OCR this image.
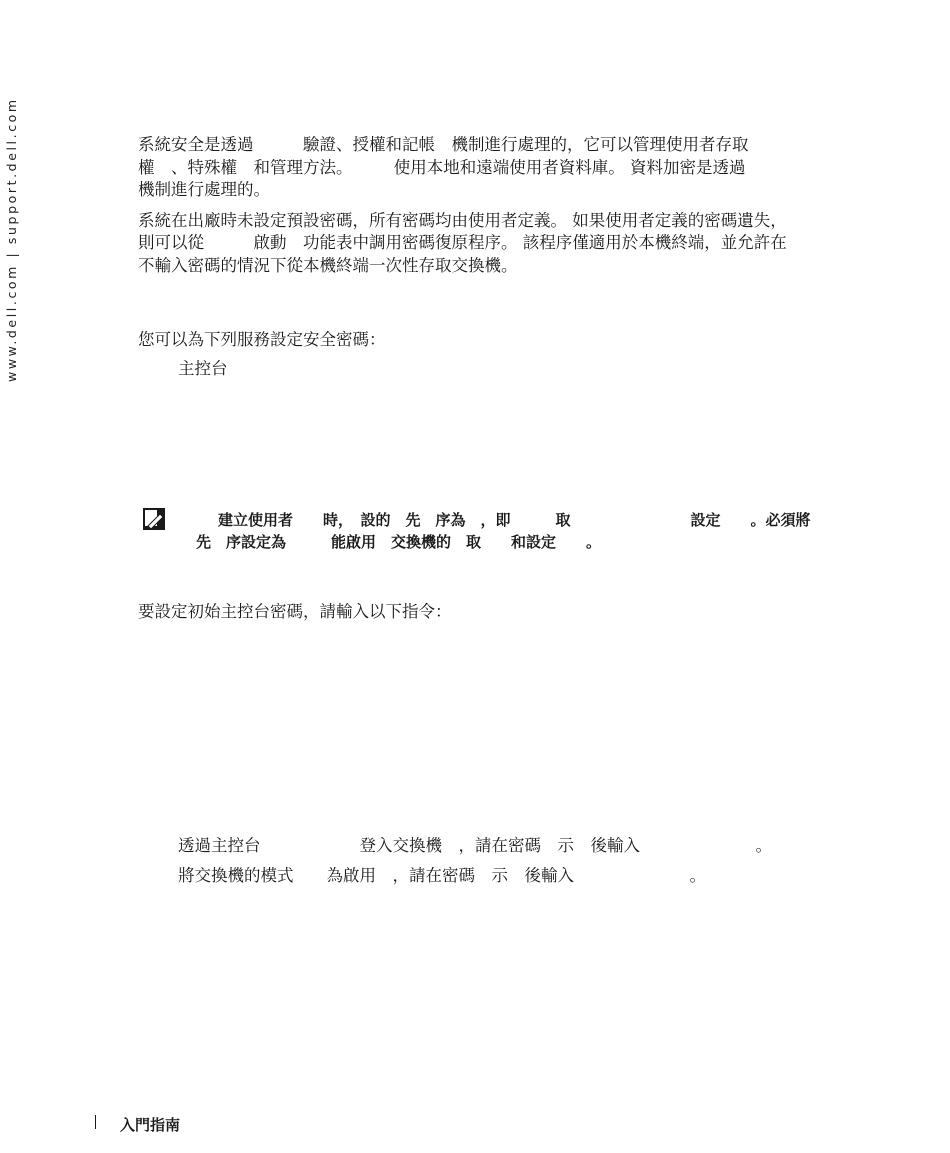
www.dell.com | support.dell.com	系統安全是透過　　　驗證、授權和記帳　機制進行處理的，它可以管理使用者存取
權　、特殊權　和管理方法。　　　使用本地和遠端使用者資料庫。 資料加密是透過
機制進行處理的。
系統在出廠時未設定預設密碼，所有密碼均由使用者定義。 如果使用者定義的密碼遺失，
則可以從　　　啟動　功能表中調用密碼復原程序。 該程序僅適用於本機終端，並允許在
不輸入密碼的情況下從本機終端一次性存取交換機。
您可以為下列服務設定安全密碼：
主控台
建立使用者　　時，　設的　先　序為　，即　　　取　　　　　　　　設定　　。必須將
先　序設定為　　　能啟用　交換機的　取　　和設定　　。
要設定初始主控台密碼，請輸入以下指令：
透過主控台　　　　　　登入交換機　，請在密碼　示　後輸入　　　　　　　。
將交換機的模式　　為啟用　，請在密碼　示　後輸入　　　　　　　。
入門指南
